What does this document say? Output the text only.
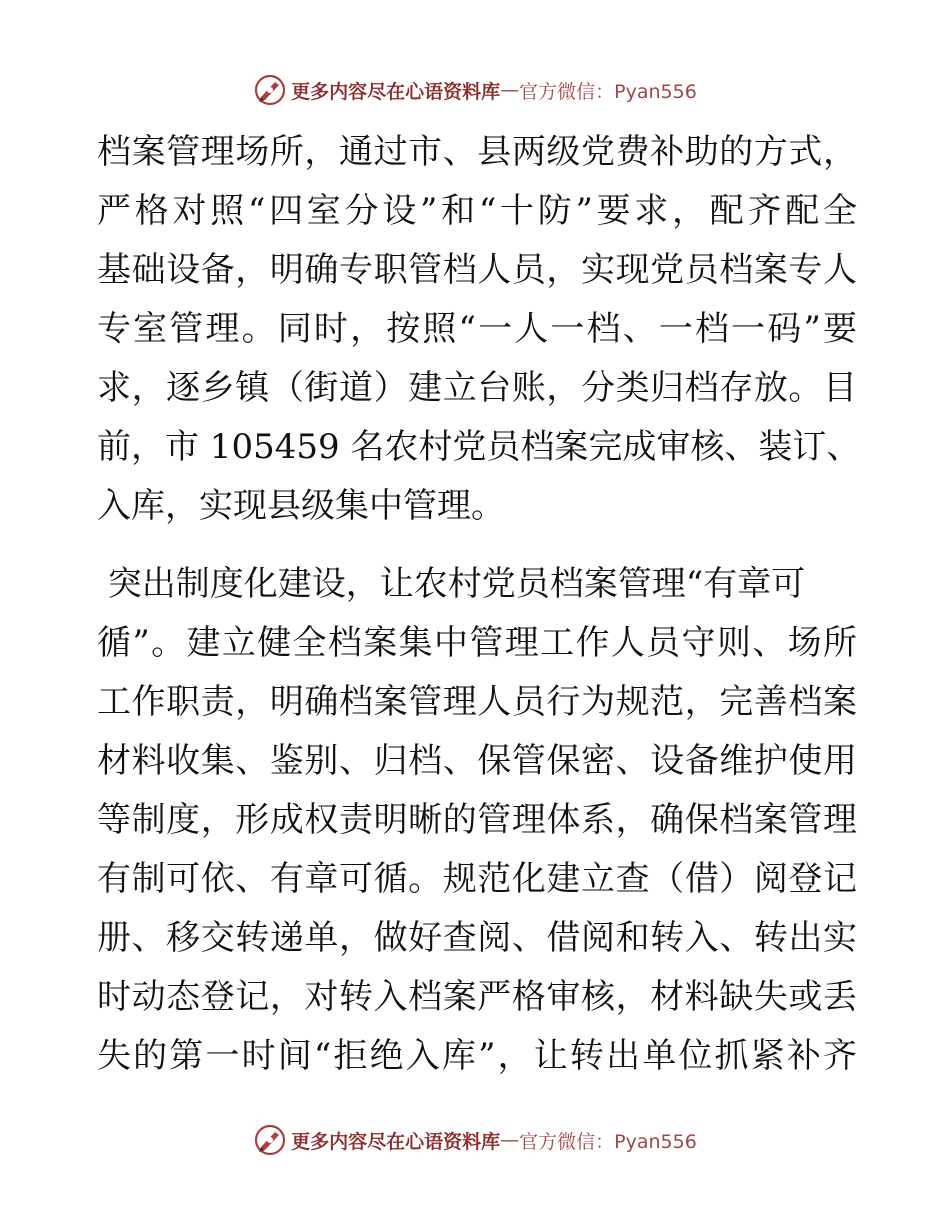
更多内容尽在心语资料库 — 官方微信：Pyan556
档案管理场所，通过市、县两级党费补助的方式，
严格对照“四室分设”和“十防”要求，配齐配全
基础设备，明确专职管档人员，实现党员档案专人
专室管理。同时，按照“一人一档、一档一码”要
求，逐乡镇（街道）建立台账，分类归档存放。目
前，市 105459 名农村党员档案完成审核、装订、
入库，实现县级集中管理。
突出制度化建设，让农村党员档案管理“有章可
循”。建立健全档案集中管理工作人员守则、场所
工作职责，明确档案管理人员行为规范，完善档案
材料收集、鉴别、归档、保管保密、设备维护使用
等制度，形成权责明晰的管理体系，确保档案管理
有制可依、有章可循。规范化建立查（借）阅登记
册、移交转递单，做好查阅、借阅和转入、转出实
时动态登记，对转入档案严格审核，材料缺失或丢
失的第一时间“拒绝入库”，让转出单位抓紧补齐
更多内容尽在心语资料库 — 官方微信：Pyan556
